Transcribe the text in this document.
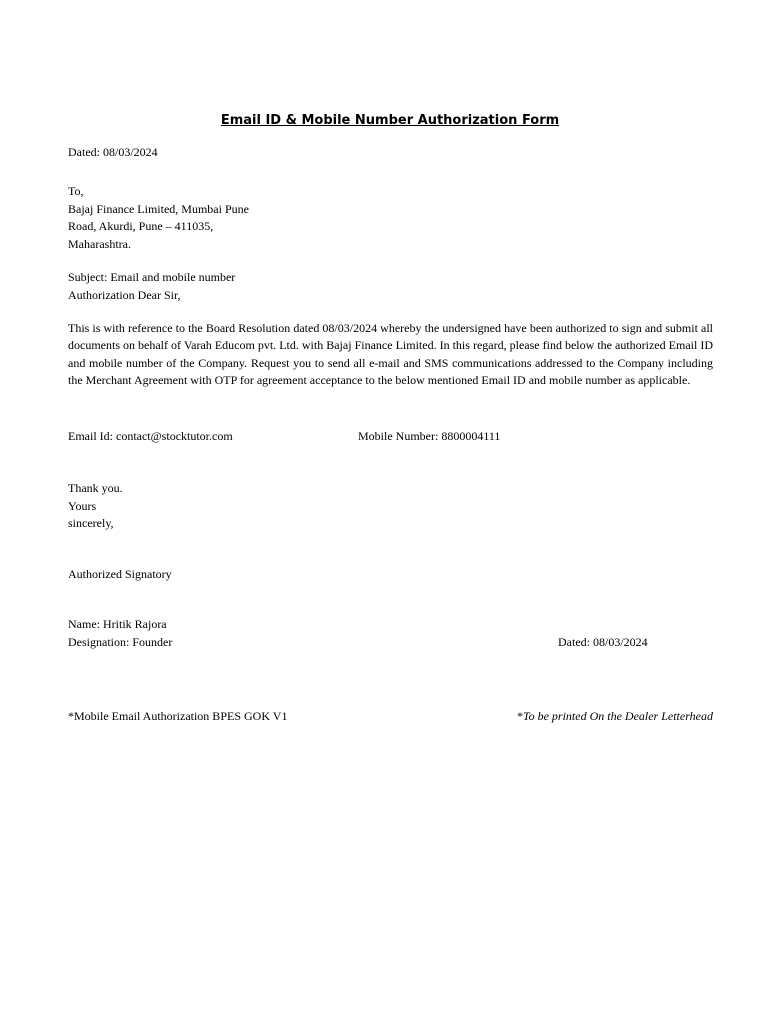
Email ID & Mobile Number Authorization Form
Dated: 08/03/2024
To,
Bajaj Finance Limited, Mumbai Pune
Road, Akurdi, Pune – 411035,
Maharashtra.
Subject: Email and mobile number
Authorization Dear Sir,
This is with reference to the Board Resolution dated 08/03/2024 whereby the undersigned have been authorized to sign and submit all documents on behalf of Varah Educom pvt. Ltd. with Bajaj Finance Limited. In this regard, please find below the authorized Email ID and mobile number of the Company. Request you to send all e-mail and SMS communications addressed to the Company including the Merchant Agreement with OTP for agreement acceptance to the below mentioned Email ID and mobile number as applicable.
Email Id: contact@stocktutor.com	Mobile Number: 8800004111
Thank you.
Yours
sincerely,
Authorized Signatory
Name: Hritik Rajora
Designation: Founder	Dated: 08/03/2024
*Mobile Email Authorization BPES GOK V1	*To be printed On the Dealer Letterhead
